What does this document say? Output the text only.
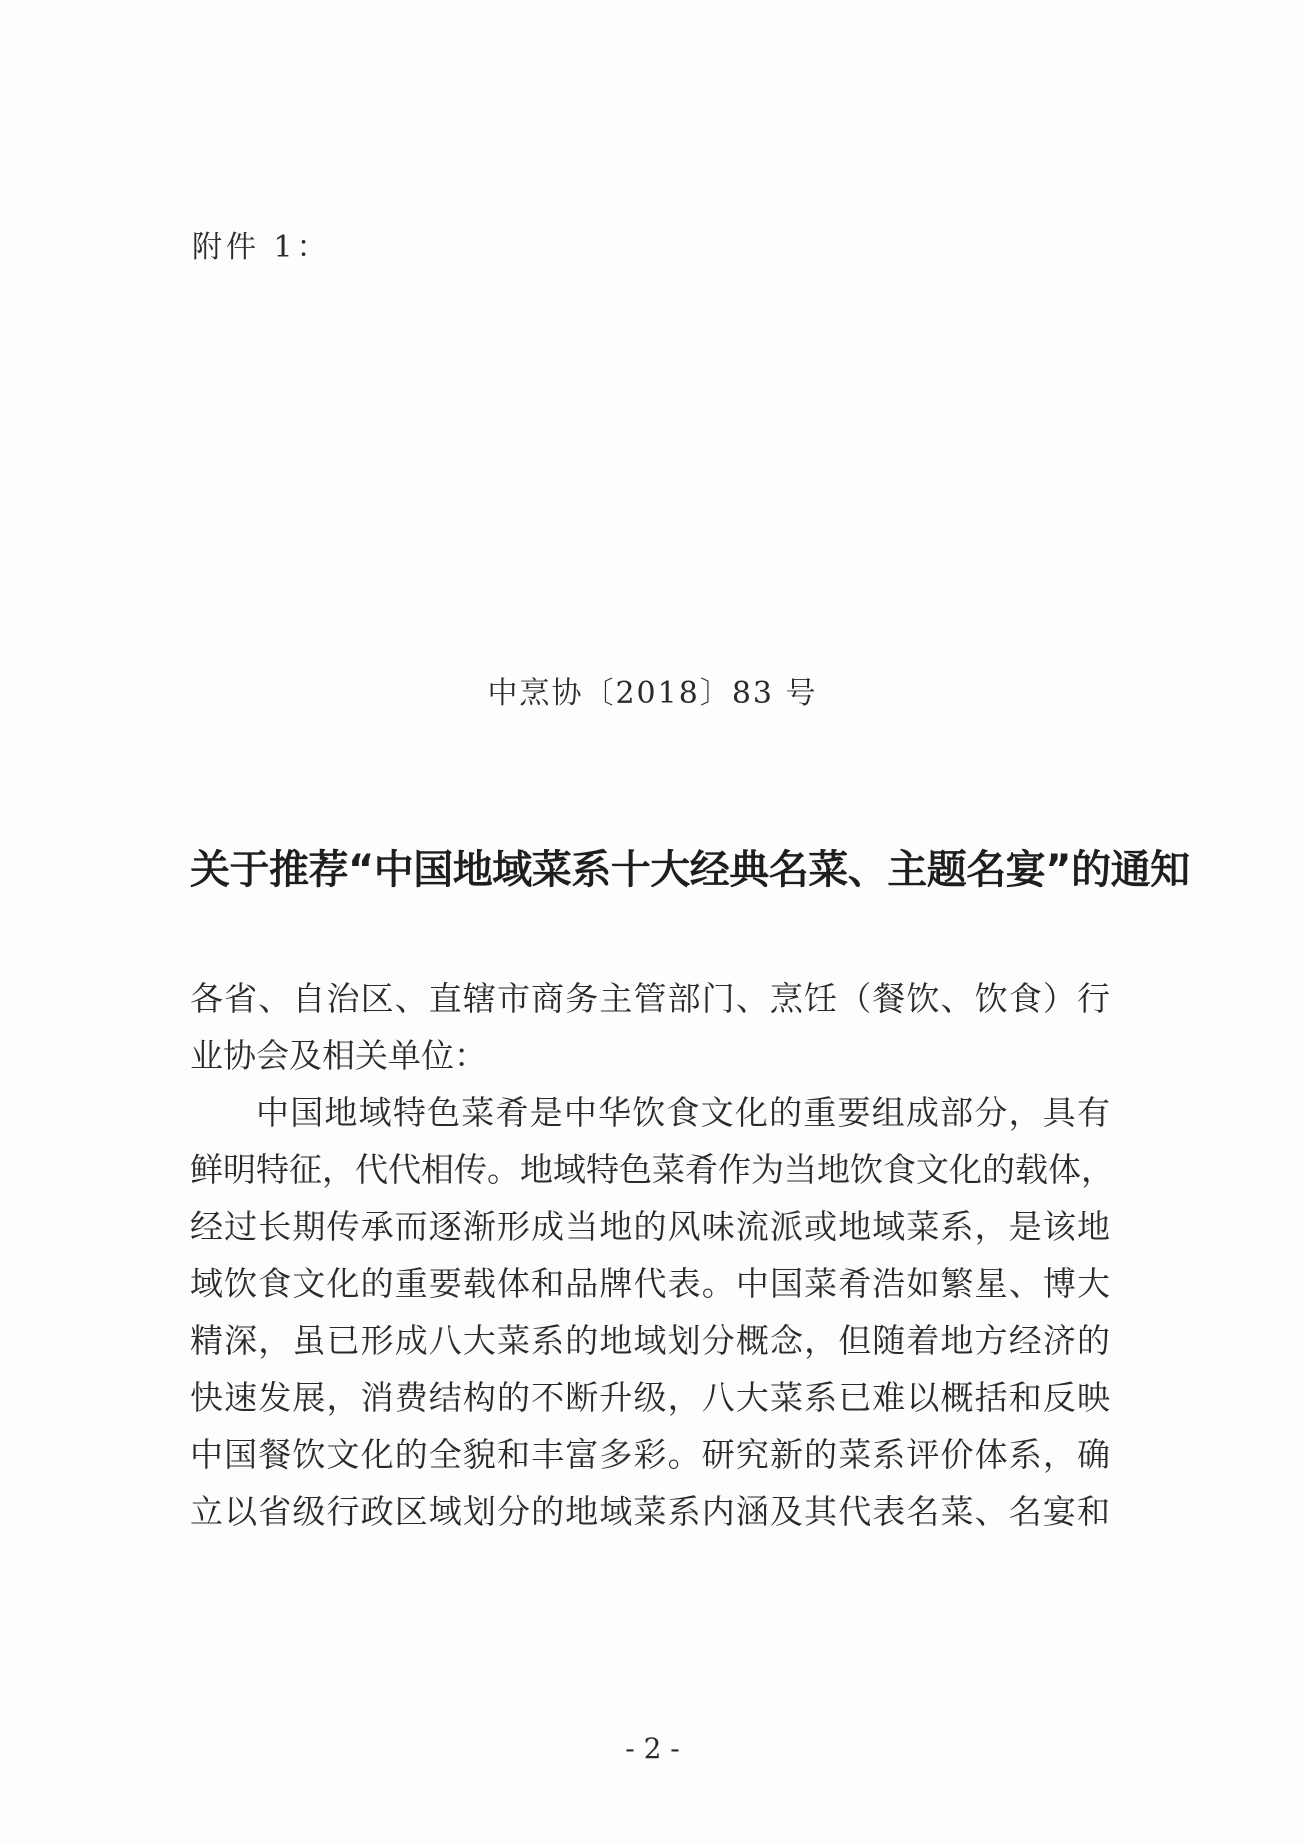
附件 1：
中烹协〔2018〕83 号
关于推荐“中国地域菜系十大经典名菜、主题名宴”的通知
各省、自治区、直辖市商务主管部门、烹饪（餐饮、饮食）行
业协会及相关单位：
中国地域特色菜肴是中华饮食文化的重要组成部分，具有
鲜明特征，代代相传。地域特色菜肴作为当地饮食文化的载体，
经过长期传承而逐渐形成当地的风味流派或地域菜系，是该地
域饮食文化的重要载体和品牌代表。中国菜肴浩如繁星、博大
精深，虽已形成八大菜系的地域划分概念，但随着地方经济的
快速发展，消费结构的不断升级，八大菜系已难以概括和反映
中国餐饮文化的全貌和丰富多彩。研究新的菜系评价体系，确
立以省级行政区域划分的地域菜系内涵及其代表名菜、名宴和
- 2 -
